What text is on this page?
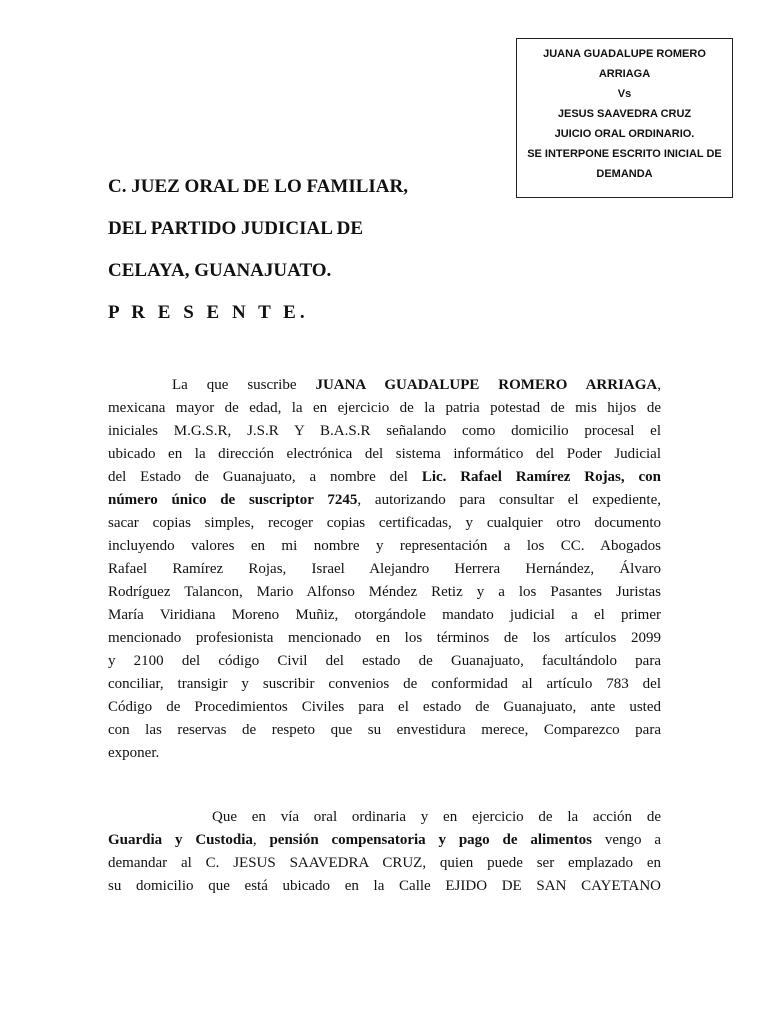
JUANA GUADALUPE ROMERO
ARRIAGA
Vs
JESUS SAAVEDRA CRUZ
JUICIO ORAL ORDINARIO.
SE INTERPONE ESCRITO INICIAL DE
DEMANDA
C. JUEZ ORAL DE LO FAMILIAR,
DEL PARTIDO JUDICIAL DE
CELAYA, GUANAJUATO.
P R E S E N T E.
La que suscribe JUANA GUADALUPE ROMERO ARRIAGA,
mexicana mayor de edad, la en ejercicio de la patria potestad de mis hijos de
iniciales M.G.S.R, J.S.R Y B.A.S.R señalando como domicilio procesal el
ubicado en la dirección electrónica del sistema informático del Poder Judicial
del Estado de Guanajuato, a nombre del Lic. Rafael Ramírez Rojas, con
número único de suscriptor 7245, autorizando para consultar el expediente,
sacar copias simples, recoger copias certificadas, y cualquier otro documento
incluyendo valores en mi nombre y representación a los CC. Abogados
Rafael Ramírez Rojas, Israel Alejandro Herrera Hernández, Álvaro
Rodríguez Talancon, Mario Alfonso Méndez Retiz y a los Pasantes Juristas
María Viridiana Moreno Muñiz, otorgándole mandato judicial a el primer
mencionado profesionista mencionado en los términos de los artículos 2099
y 2100 del código Civil del estado de Guanajuato, facultándolo para
conciliar, transigir y suscribir convenios de conformidad al artículo 783 del
Código de Procedimientos Civiles para el estado de Guanajuato, ante usted
con las reservas de respeto que su envestidura merece, Comparezco para
exponer.
Que en vía oral ordinaria y en ejercicio de la acción de
Guardia y Custodia, pensión compensatoria y pago de alimentos vengo a
demandar al C. JESUS SAAVEDRA CRUZ, quien puede ser emplazado en
su domicilio que está ubicado en la Calle EJIDO DE SAN CAYETANO
